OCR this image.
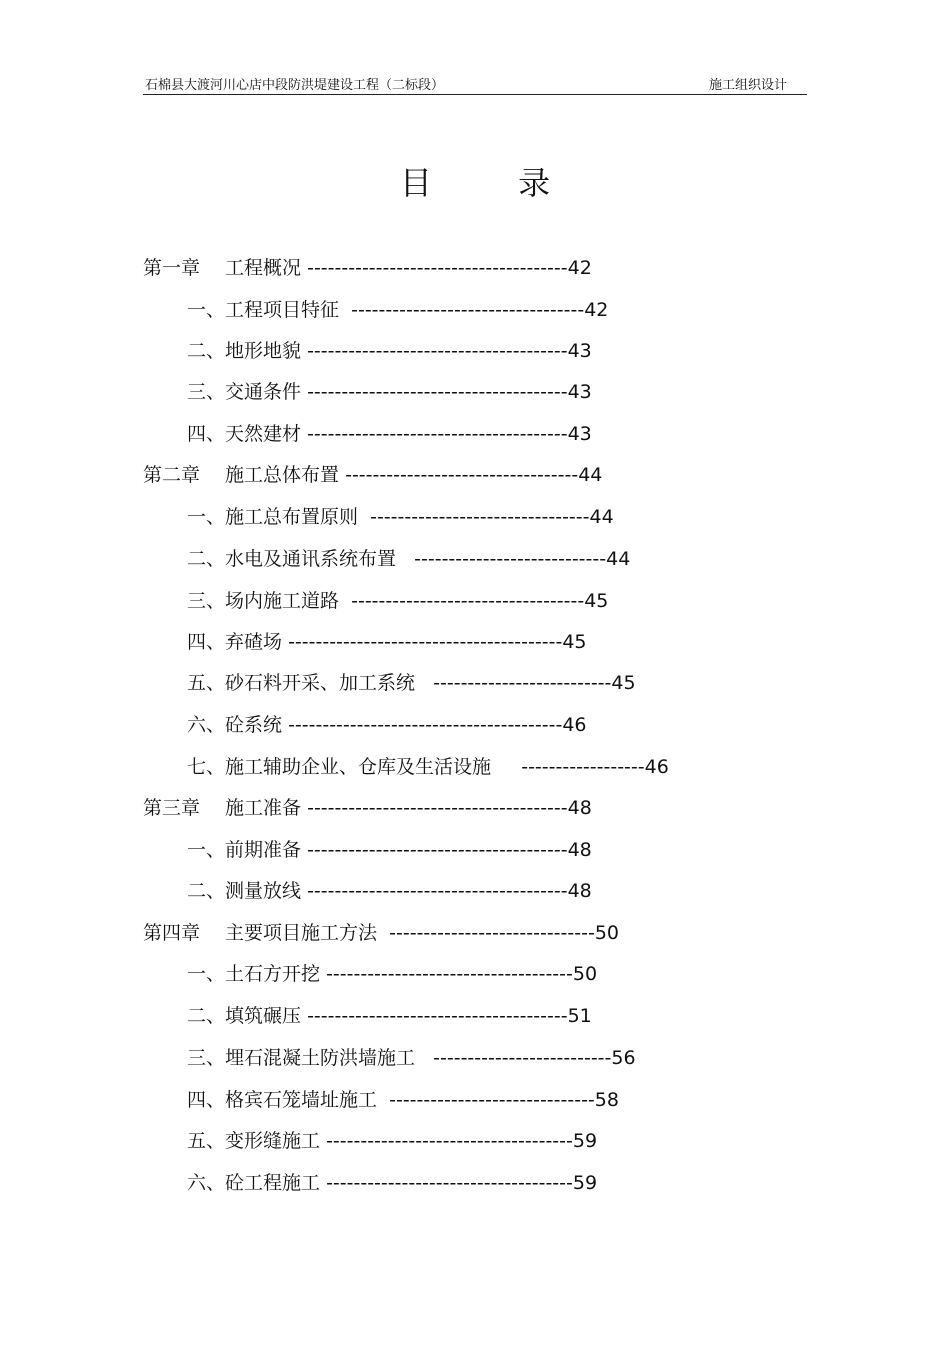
石棉县大渡河川心店中段防洪堤建设工程（二标段）	施工组织设计
目 录
第一章　 工程概况 --------------------------------------42
一、工程项目特征 ----------------------------------42
二、地形地貌 --------------------------------------43
三、交通条件 --------------------------------------43
四、天然建材 --------------------------------------43
第二章　 施工总体布置 ----------------------------------44
一、施工总布置原则 --------------------------------44
二、水电及通讯系统布置 ----------------------------44
三、场内施工道路 ----------------------------------45
四、弃碴场 ----------------------------------------45
五、砂石料开采、加工系统 --------------------------45
六、砼系统 ----------------------------------------46
七、施工辅助企业、仓库及生活设施 ------------------46
第三章　 施工准备 --------------------------------------48
一、前期准备 --------------------------------------48
二、测量放线 --------------------------------------48
第四章　 主要项目施工方法 ------------------------------50
一、土石方开挖 ------------------------------------50
二、填筑碾压 --------------------------------------51
三、埋石混凝土防洪墙施工 --------------------------56
四、格宾石笼墙址施工 ------------------------------58
五、变形缝施工 ------------------------------------59
六、砼工程施工 ------------------------------------59
